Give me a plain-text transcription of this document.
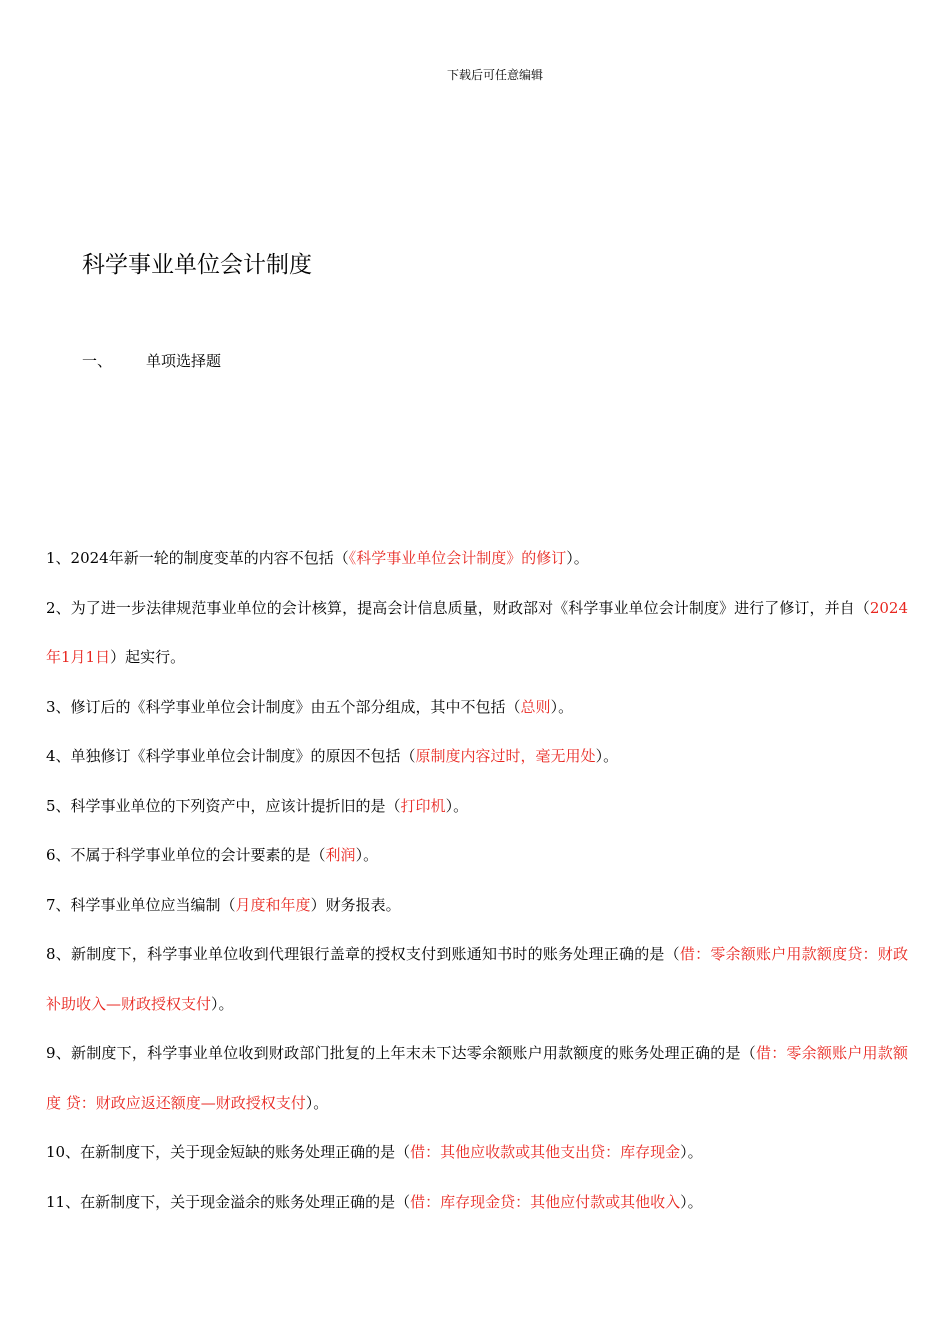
下载后可任意编辑
科学事业单位会计制度
一、 单项选择题

1、2024年新一轮的制度变革的内容不包括（《科学事业单位会计制度》的修订）。

2、为了进一步法律规范事业单位的会计核算，提高会计信息质量，财政部对《科学事业单位会计制度》进行了修订，并自（2024年1月1日）起实行。

3、修订后的《科学事业单位会计制度》由五个部分组成，其中不包括（总则）。

4、单独修订《科学事业单位会计制度》的原因不包括（原制度内容过时，毫无用处）。

5、科学事业单位的下列资产中，应该计提折旧的是（打印机）。

6、不属于科学事业单位的会计要素的是（利润）。

7、科学事业单位应当编制（月度和年度）财务报表。

8、新制度下，科学事业单位收到代理银行盖章的授权支付到账通知书时的账务处理正确的是（借：零余额账户用款额度贷：财政补助收入—财政授权支付）。

9、新制度下，科学事业单位收到财政部门批复的上年末未下达零余额账户用款额度的账务处理正确的是（借：零余额账户用款额度 贷：财政应返还额度—财政授权支付）。

10、在新制度下，关于现金短缺的账务处理正确的是（借：其他应收款或其他支出贷：库存现金）。

11、在新制度下，关于现金溢余的账务处理正确的是（借：库存现金贷：其他应付款或其他收入）。
